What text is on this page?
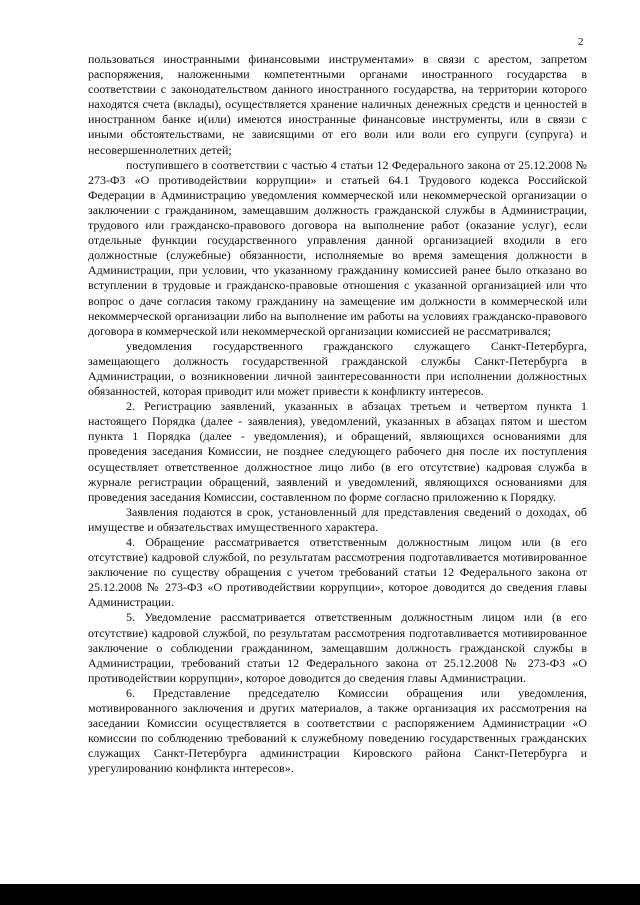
2

пользоваться иностранными финансовыми инструментами» в связи с арестом, запретом распоряжения, наложенными компетентными органами иностранного государства в соответствии с законодательством данного иностранного государства, на территории которого находятся счета (вклады), осуществляется хранение наличных денежных средств и ценностей в иностранном банке и(или) имеются иностранные финансовые инструменты, или в связи с иными обстоятельствами, не зависящими от его воли или воли его супруги (супруга) и несовершеннолетних детей;

поступившего в соответствии с частью 4 статьи 12 Федерального закона от 25.12.2008 № 273-ФЗ «О противодействии коррупции» и статьей 64.1 Трудового кодекса Российской Федерации в Администрацию уведомления коммерческой или некоммерческой организации о заключении с гражданином, замещавшим должность гражданской службы в Администрации, трудового или гражданско-правового договора на выполнение работ (оказание услуг), если отдельные функции государственного управления данной организацией входили в его должностные (служебные) обязанности, исполняемые во время замещения должности в Администрации, при условии, что указанному гражданину комиссией ранее было отказано во вступлении в трудовые и гражданско-правовые отношения с указанной организацией или что вопрос о даче согласия такому гражданину на замещение им должности в коммерческой или некоммерческой организации либо на выполнение им работы на условиях гражданско-правового договора в коммерческой или некоммерческой организации комиссией не рассматривался;

уведомления государственного гражданского служащего Санкт-Петербурга, замещающего должность государственной гражданской службы Санкт-Петербурга в Администрации, о возникновении личной заинтересованности при исполнении должностных обязанностей, которая приводит или может привести к конфликту интересов.

2. Регистрацию заявлений, указанных в абзацах третьем и четвертом пункта 1 настоящего Порядка (далее - заявления), уведомлений, указанных в абзацах пятом и шестом пункта 1 Порядка (далее - уведомления), и обращений, являющихся основаниями для проведения заседания Комиссии, не позднее следующего рабочего дня после их поступления осуществляет ответственное должностное лицо либо (в его отсутствие) кадровая служба в журнале регистрации обращений, заявлений и уведомлений, являющихся основаниями для проведения заседания Комиссии, составленном по форме согласно приложению к Порядку.

Заявления подаются в срок, установленный для представления сведений о доходах, об имуществе и обязательствах имущественного характера.

4. Обращение рассматривается ответственным должностным лицом или (в его отсутствие) кадровой службой, по результатам рассмотрения подготавливается мотивированное заключение по существу обращения с учетом требований статьи 12 Федерального закона от 25.12.2008 № 273-ФЗ «О противодействии коррупции», которое доводится до сведения главы Администрации.

5. Уведомление рассматривается ответственным должностным лицом или (в его отсутствие) кадровой службой, по результатам рассмотрения подготавливается мотивированное заключение о соблюдении гражданином, замещавшим должность гражданской службы в Администрации, требований статьи 12 Федерального закона от 25.12.2008 № 273-ФЗ «О противодействии коррупции», которое доводится до сведения главы Администрации.

6. Представление председателю Комиссии обращения или уведомления, мотивированного заключения и других материалов, а также организация их рассмотрения на заседании Комиссии осуществляется в соответствии с распоряжением Администрации «О комиссии по соблюдению требований к служебному поведению государственных гражданских служащих Санкт-Петербурга администрации Кировского района Санкт-Петербурга и урегулированию конфликта интересов».
